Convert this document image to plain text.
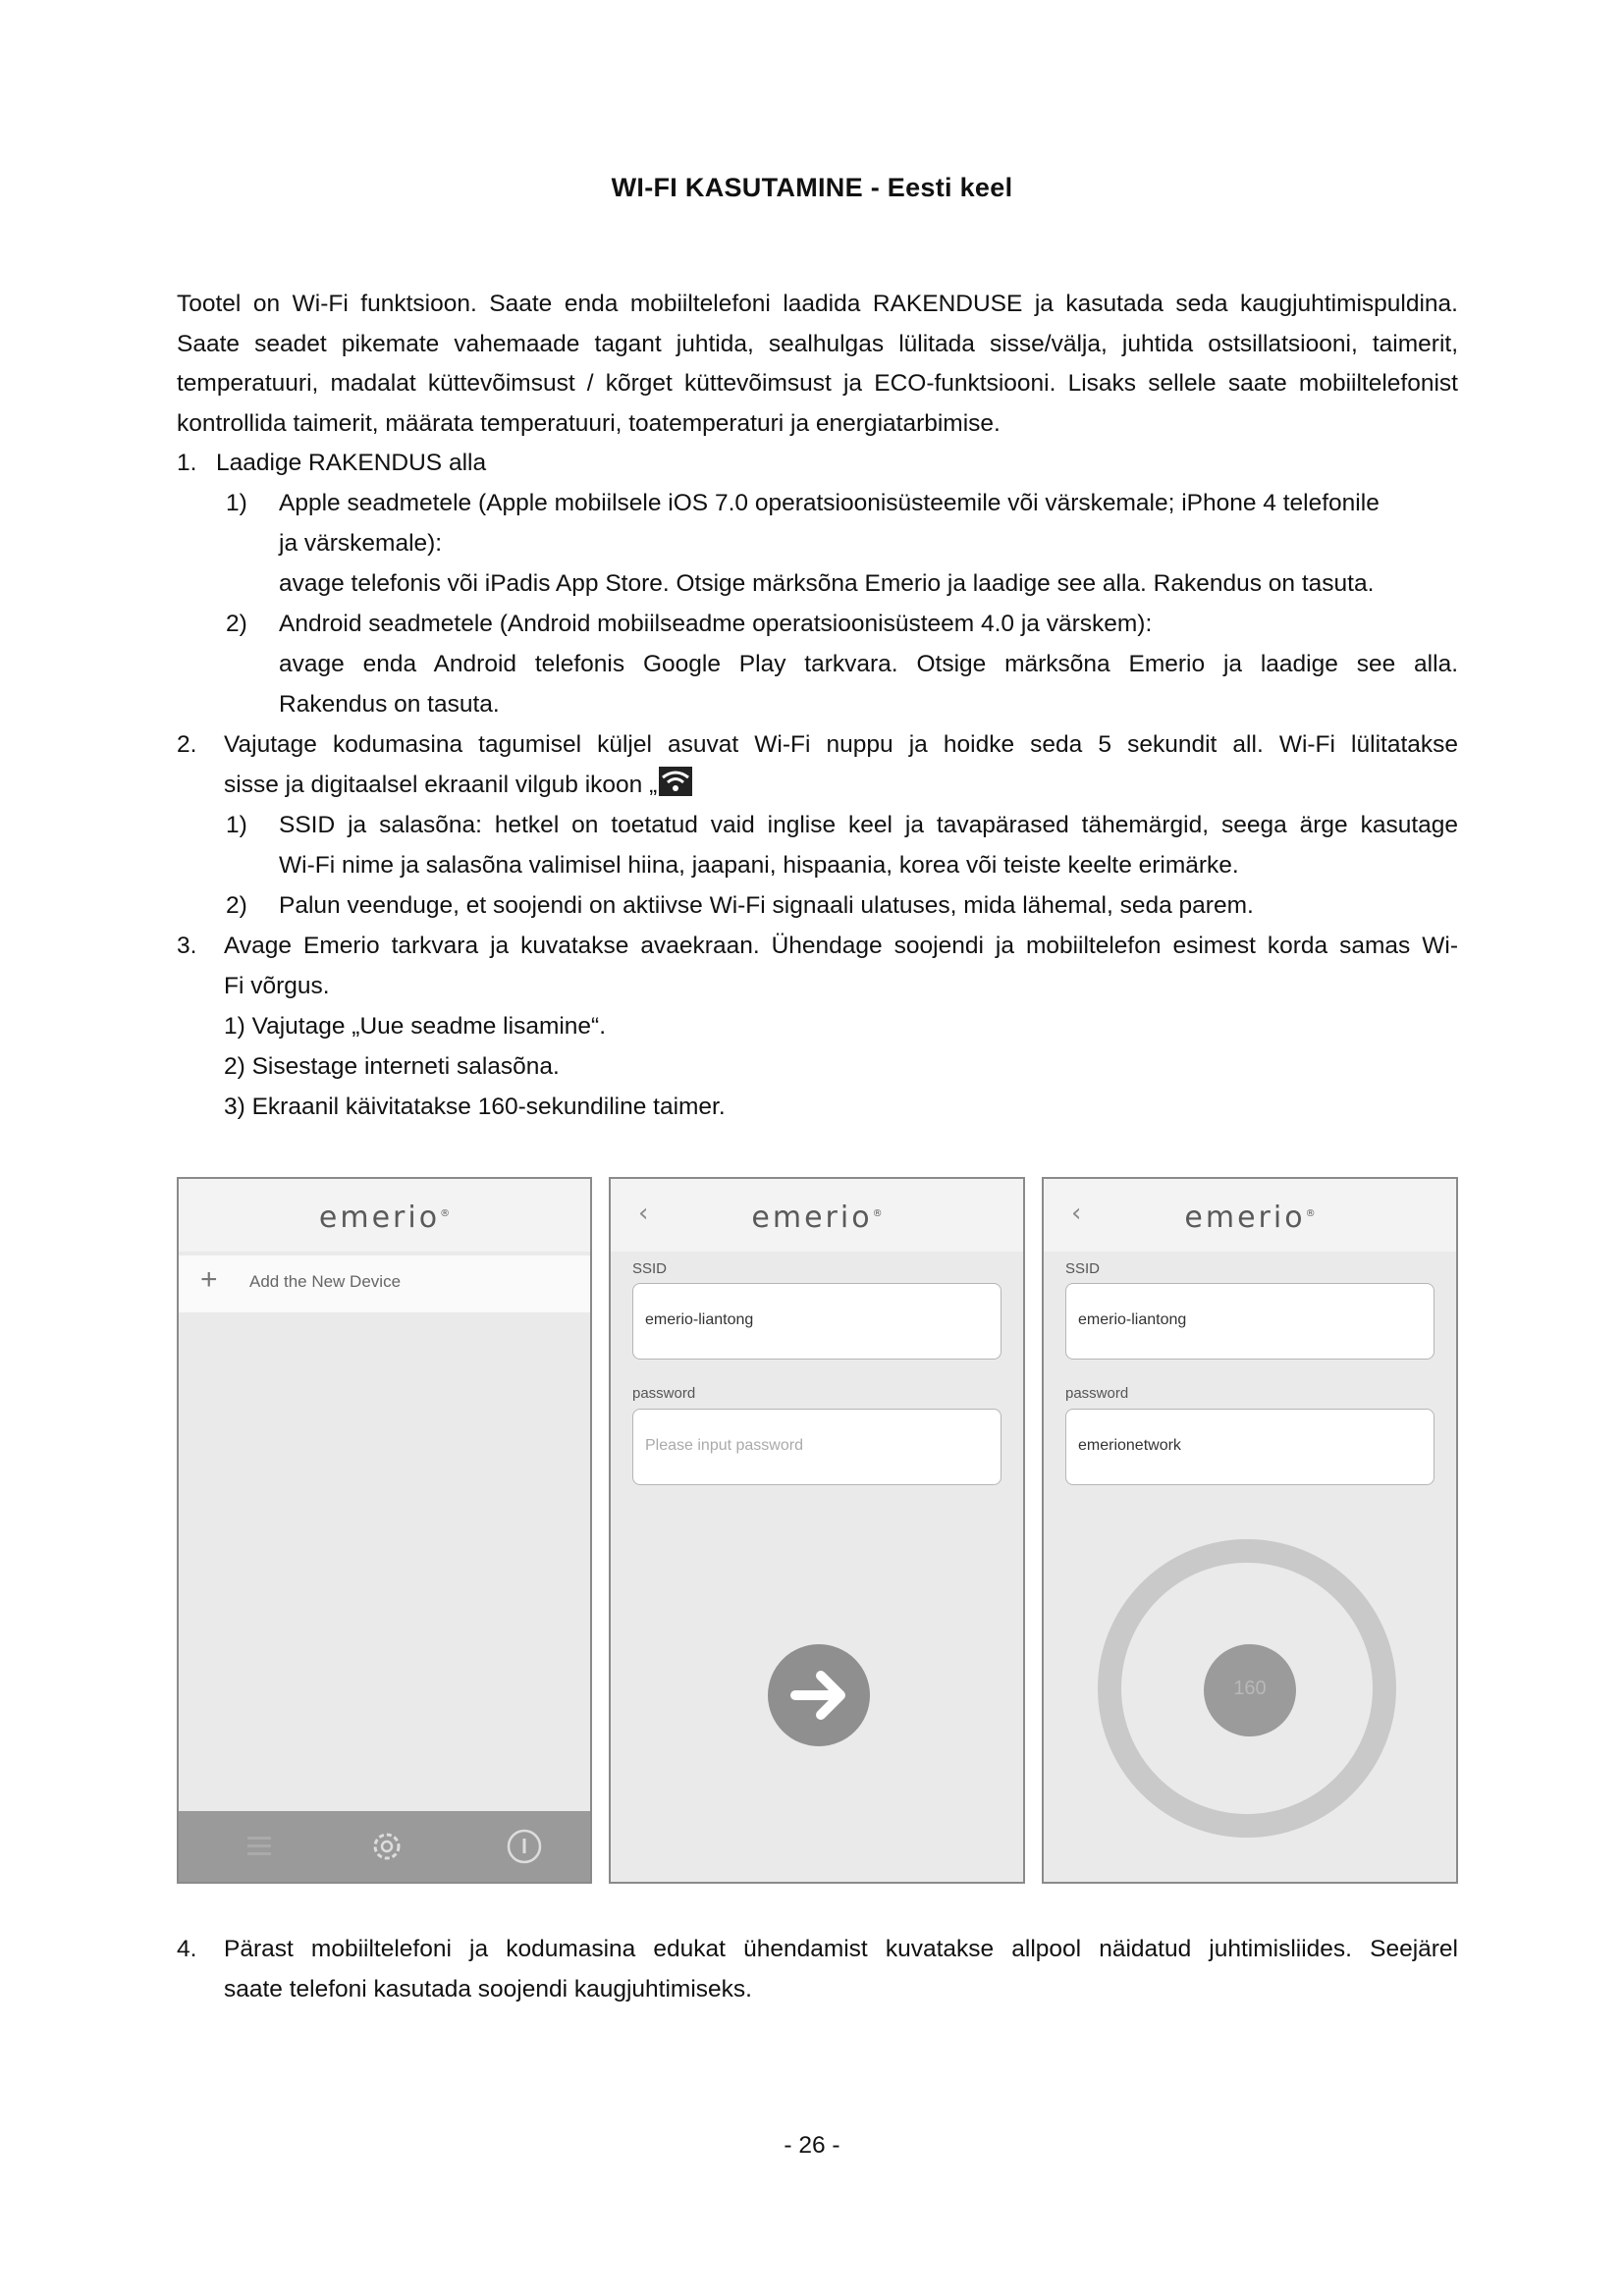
WI-FI KASUTAMINE - Eesti keel
Tootel on Wi-Fi funktsioon. Saate enda mobiiltelefoni laadida RAKENDUSE ja kasutada seda kaugjuhtimispuldina. Saate seadet pikemate vahemaade tagant juhtida, sealhulgas lülitada sisse/välja, juhtida ostsillatsiooni, taimerit, temperatuuri, madalat küttevõimsust / kõrget küttevõimsust ja ECO-funktsiooni. Lisaks sellele saate mobiiltelefonist kontrollida taimerit, määrata temperatuuri, toatemperaturi ja energiatarbimise.
1. Laadige RAKENDUS alla
1) Apple seadmetele (Apple mobiilsele iOS 7.0 operatsioonisüsteemile või värskemale; iPhone 4 telefonile
ja värskemale):
avage telefonis või iPadis App Store. Otsige märksõna Emerio ja laadige see alla. Rakendus on tasuta.
2) Android seadmetele (Android mobiilseadme operatsioonisüsteem 4.0 ja värskem):
avage enda Android telefonis Google Play tarkvara. Otsige märksõna Emerio ja laadige see alla.
Rakendus on tasuta.
2. Vajutage kodumasina tagumisel küljel asuvat Wi-Fi nuppu ja hoidke seda 5 sekundit all. Wi-Fi lülitatakse
sisse ja digitaalsel ekraanil vilgub ikoon „
1) SSID ja salasõna: hetkel on toetatud vaid inglise keel ja tavapärased tähemärgid, seega ärge kasutage
Wi-Fi nime ja salasõna valimisel hiina, jaapani, hispaania, korea või teiste keelte erimärke.
2) Palun veenduge, et soojendi on aktiivse Wi-Fi signaali ulatuses, mida lähemal, seda parem.
3. Avage Emerio tarkvara ja kuvatakse avaekraan. Ühendage soojendi ja mobiiltelefon esimest korda samas Wi-
Fi võrgus.
1) Vajutage „Uue seadme lisamine“.
2) Sisestage interneti salasõna.
3) Ekraanil käivitatakse 160-sekundiline taimer.
emerio®
+ Add the New Device
‹	emerio®
SSID
emerio-liantong
password
Please input password
‹	emerio®
SSID
emerio-liantong
password
emerionetwork
160
4. Pärast mobiiltelefoni ja kodumasina edukat ühendamist kuvatakse allpool näidatud juhtimisliides. Seejärel
saate telefoni kasutada soojendi kaugjuhtimiseks.
- 26 -
